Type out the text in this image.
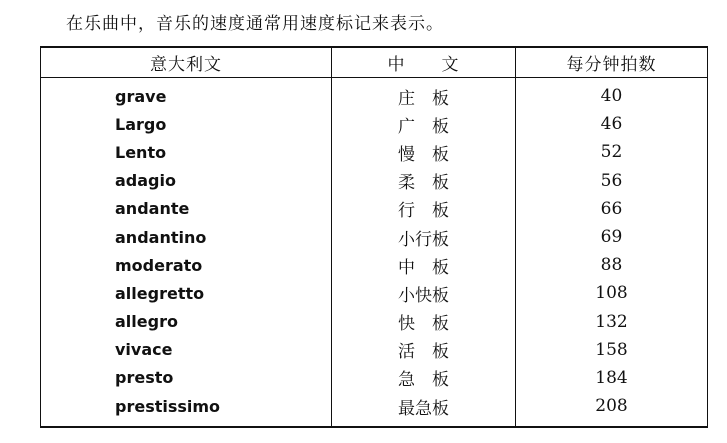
在乐曲中，音乐的速度通常用速度标记来表示。
意大利文	中　　文	每分钟拍数
grave	庄　板	40
Largo	广　板	46
Lento	慢　板	52
adagio	柔　板	56
andante	行　板	66
andantino	小行板	69
moderato	中　板	88
allegretto	小快板	108
allegro	快　板	132
vivace	活　板	158
presto	急　板	184
prestissimo	最急板	208
